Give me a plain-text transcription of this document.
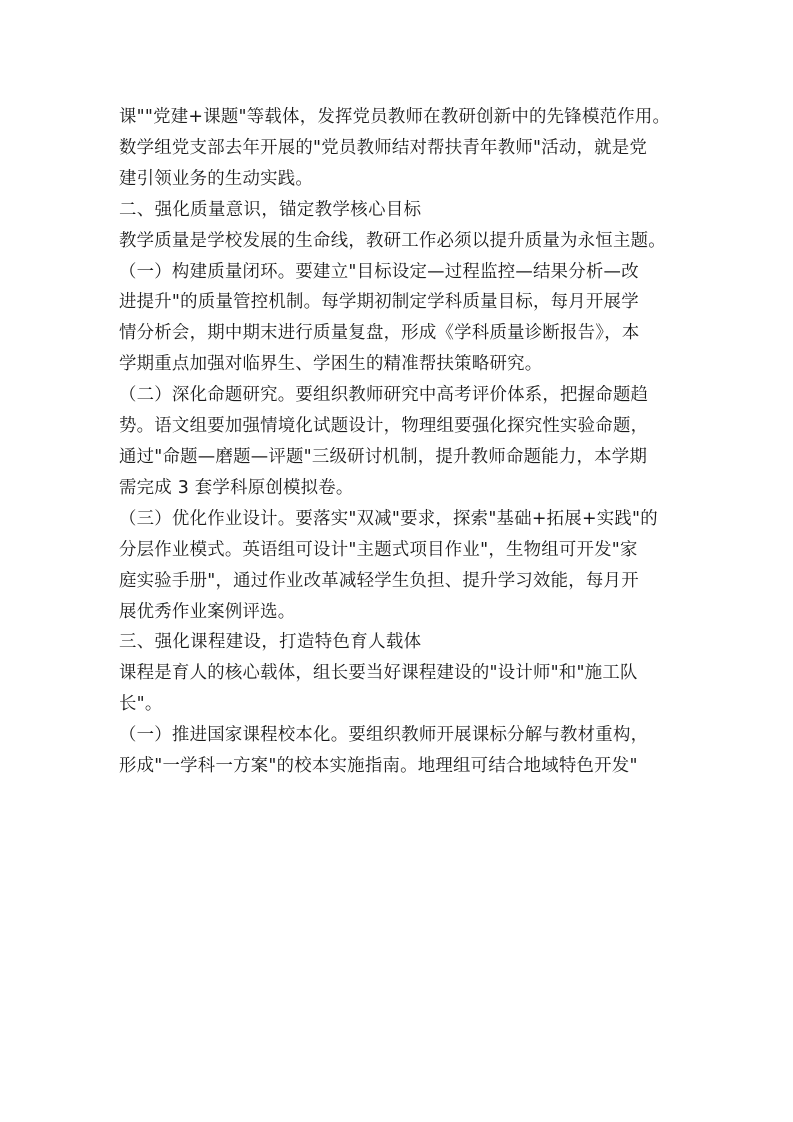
课""党建+课题"等载体，发挥党员教师在教研创新中的先锋模范作用。

数学组党支部去年开展的"党员教师结对帮扶青年教师"活动，就是党

建引领业务的生动实践。

二、强化质量意识，锚定教学核心目标

教学质量是学校发展的生命线，教研工作必须以提升质量为永恒主题。

（一）构建质量闭环。要建立"目标设定—过程监控—结果分析—改

进提升"的质量管控机制。每学期初制定学科质量目标，每月开展学

情分析会，期中期末进行质量复盘，形成《学科质量诊断报告》，本

学期重点加强对临界生、学困生的精准帮扶策略研究。

（二）深化命题研究。要组织教师研究中高考评价体系，把握命题趋

势。语文组要加强情境化试题设计，物理组要强化探究性实验命题，

通过"命题—磨题—评题"三级研讨机制，提升教师命题能力，本学期

需完成 3 套学科原创模拟卷。

（三）优化作业设计。要落实"双减"要求，探索"基础+拓展+实践"的

分层作业模式。英语组可设计"主题式项目作业"，生物组可开发"家

庭实验手册"，通过作业改革减轻学生负担、提升学习效能，每月开

展优秀作业案例评选。

三、强化课程建设，打造特色育人载体

课程是育人的核心载体，组长要当好课程建设的"设计师"和"施工队

长"。

（一）推进国家课程校本化。要组织教师开展课标分解与教材重构，

形成"一学科一方案"的校本实施指南。地理组可结合地域特色开发"
